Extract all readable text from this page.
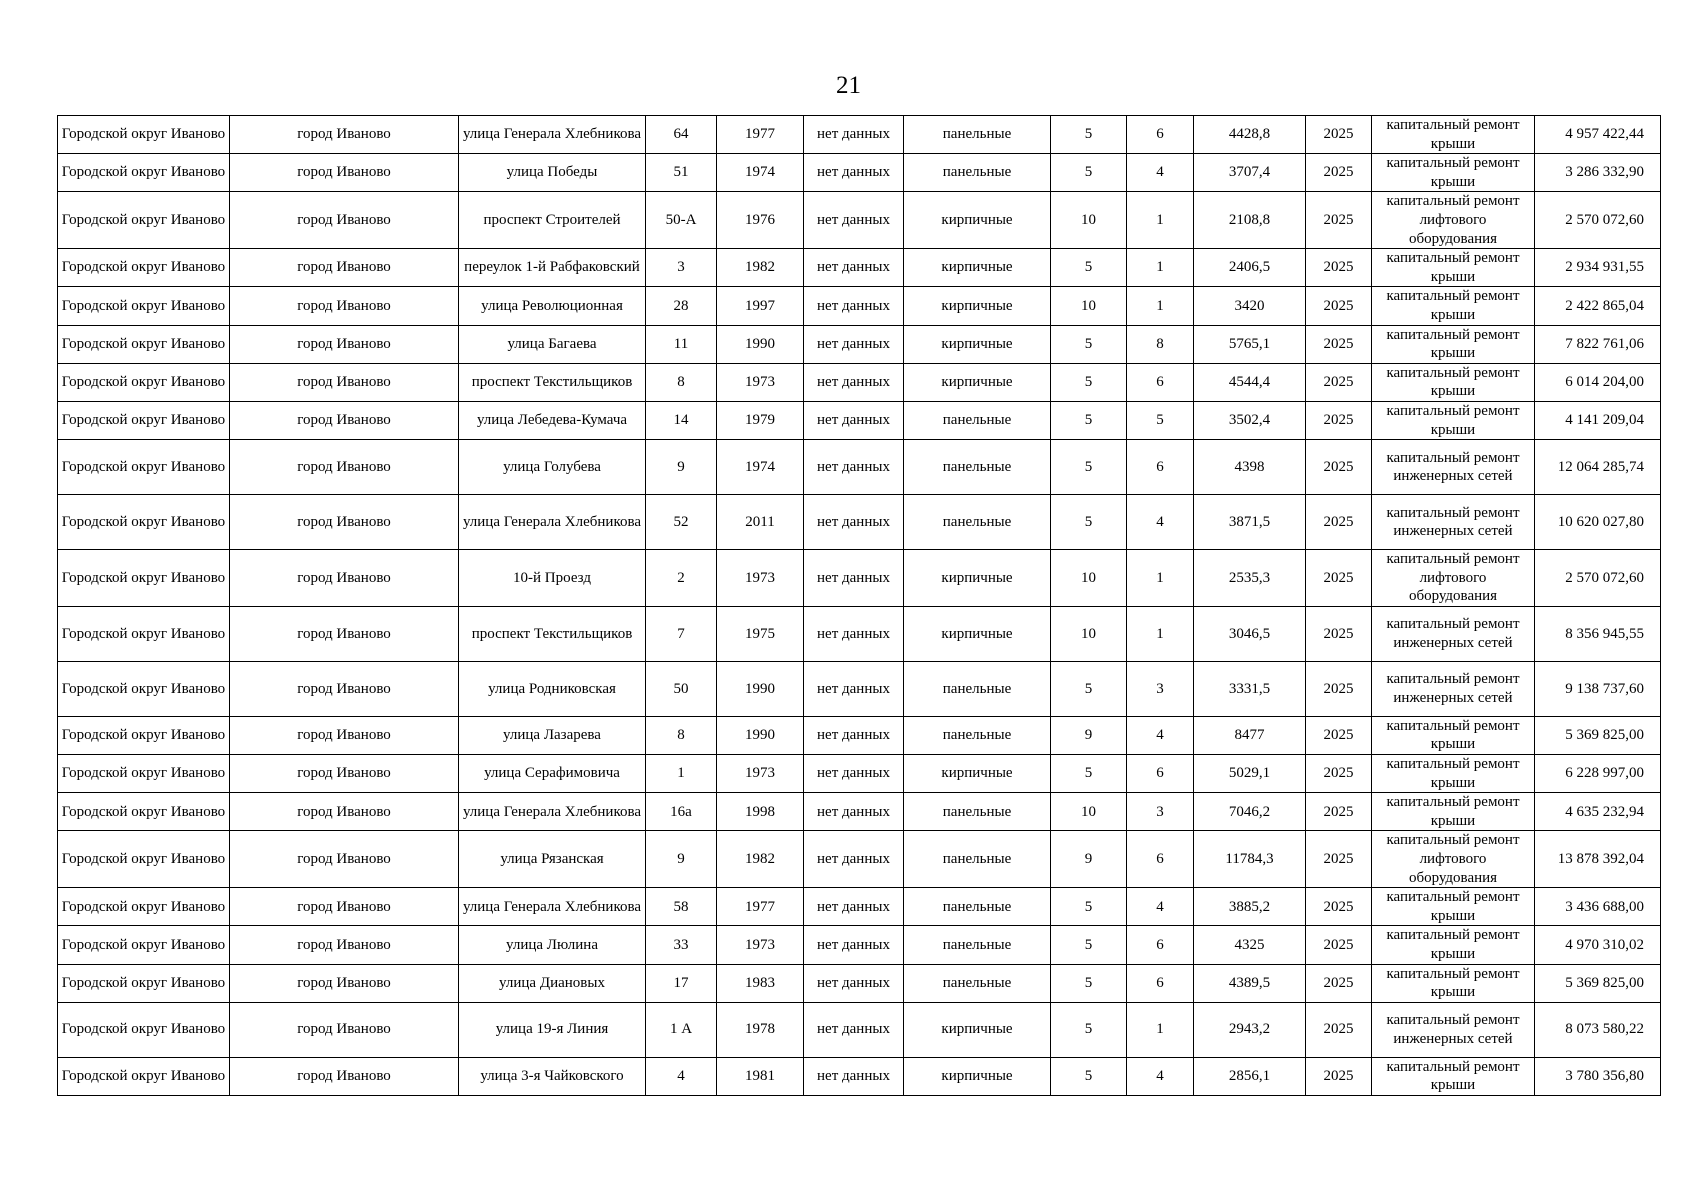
21
Городской округ Иваново	город Иваново	улица Генерала Хлебникова	64	1977	нет данных	панельные	5	6	4428,8	2025	капитальный ремонт крыши	4 957 422,44
Городской округ Иваново	город Иваново	улица Победы	51	1974	нет данных	панельные	5	4	3707,4	2025	капитальный ремонт крыши	3 286 332,90
Городской округ Иваново	город Иваново	проспект Строителей	50-А	1976	нет данных	кирпичные	10	1	2108,8	2025	капитальный ремонт лифтового оборудования	2 570 072,60
Городской округ Иваново	город Иваново	переулок 1-й Рабфаковский	3	1982	нет данных	кирпичные	5	1	2406,5	2025	капитальный ремонт крыши	2 934 931,55
Городской округ Иваново	город Иваново	улица Революционная	28	1997	нет данных	кирпичные	10	1	3420	2025	капитальный ремонт крыши	2 422 865,04
Городской округ Иваново	город Иваново	улица Багаева	11	1990	нет данных	кирпичные	5	8	5765,1	2025	капитальный ремонт крыши	7 822 761,06
Городской округ Иваново	город Иваново	проспект Текстильщиков	8	1973	нет данных	кирпичные	5	6	4544,4	2025	капитальный ремонт крыши	6 014 204,00
Городской округ Иваново	город Иваново	улица Лебедева-Кумача	14	1979	нет данных	панельные	5	5	3502,4	2025	капитальный ремонт крыши	4 141 209,04
Городской округ Иваново	город Иваново	улица Голубева	9	1974	нет данных	панельные	5	6	4398	2025	капитальный ремонт инженерных сетей	12 064 285,74
Городской округ Иваново	город Иваново	улица Генерала Хлебникова	52	2011	нет данных	панельные	5	4	3871,5	2025	капитальный ремонт инженерных сетей	10 620 027,80
Городской округ Иваново	город Иваново	10-й Проезд	2	1973	нет данных	кирпичные	10	1	2535,3	2025	капитальный ремонт лифтового оборудования	2 570 072,60
Городской округ Иваново	город Иваново	проспект Текстильщиков	7	1975	нет данных	кирпичные	10	1	3046,5	2025	капитальный ремонт инженерных сетей	8 356 945,55
Городской округ Иваново	город Иваново	улица Родниковская	50	1990	нет данных	панельные	5	3	3331,5	2025	капитальный ремонт инженерных сетей	9 138 737,60
Городской округ Иваново	город Иваново	улица Лазарева	8	1990	нет данных	панельные	9	4	8477	2025	капитальный ремонт крыши	5 369 825,00
Городской округ Иваново	город Иваново	улица Серафимовича	1	1973	нет данных	кирпичные	5	6	5029,1	2025	капитальный ремонт крыши	6 228 997,00
Городской округ Иваново	город Иваново	улица Генерала Хлебникова	16а	1998	нет данных	панельные	10	3	7046,2	2025	капитальный ремонт крыши	4 635 232,94
Городской округ Иваново	город Иваново	улица Рязанская	9	1982	нет данных	панельные	9	6	11784,3	2025	капитальный ремонт лифтового оборудования	13 878 392,04
Городской округ Иваново	город Иваново	улица Генерала Хлебникова	58	1977	нет данных	панельные	5	4	3885,2	2025	капитальный ремонт крыши	3 436 688,00
Городской округ Иваново	город Иваново	улица Люлина	33	1973	нет данных	панельные	5	6	4325	2025	капитальный ремонт крыши	4 970 310,02
Городской округ Иваново	город Иваново	улица Диановых	17	1983	нет данных	панельные	5	6	4389,5	2025	капитальный ремонт крыши	5 369 825,00
Городской округ Иваново	город Иваново	улица 19-я Линия	1 А	1978	нет данных	кирпичные	5	1	2943,2	2025	капитальный ремонт инженерных сетей	8 073 580,22
Городской округ Иваново	город Иваново	улица 3-я Чайковского	4	1981	нет данных	кирпичные	5	4	2856,1	2025	капитальный ремонт крыши	3 780 356,80
